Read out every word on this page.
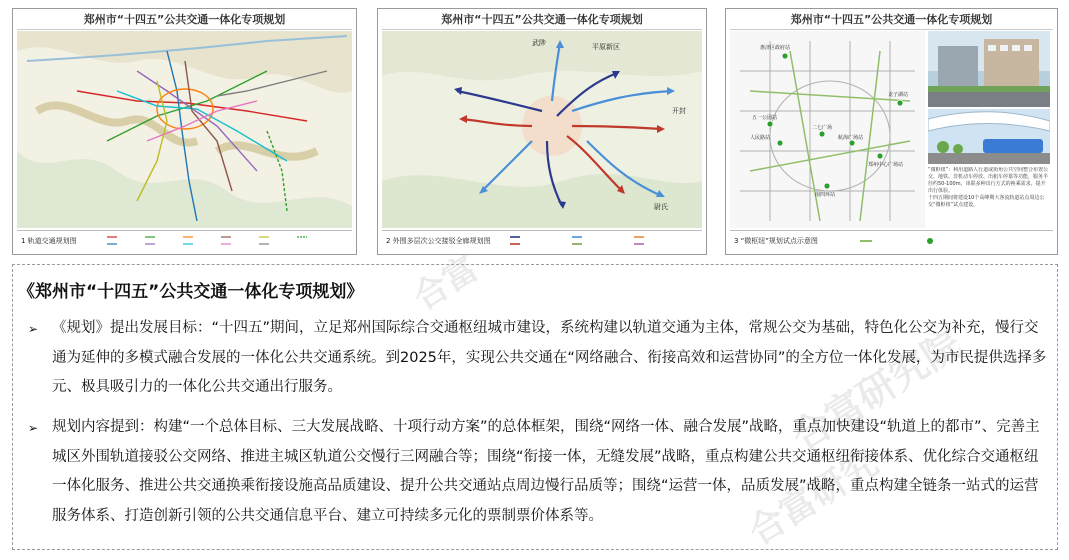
郑州市“十四五”公共交通一体化专项规划
1 轨道交通规划图
郑州市“十四五”公共交通一体化专项规划
武陟	平原新区
开封
尉氏
2 外围多层次公交接驳全廊规划图
郑州市“十四五”公共交通一体化专项规划
惠济区政府站
龙子湖站
五一公园站
二七广场
人民路站	航海广场站
郑州中心广场站
南四环站
“微枢纽”：利用道路人行道或街角公共空间整合布置公交、地铁、非机动车停放、出租车停靠等功能，服务半径约50-100m，串联多种出行方式的换乘需求，提升出行体验。
十四五期间将建设10个高峰期大客流轨道站点周边公交“微枢纽”试点建设。
3 “微枢纽”规划试点示意图
合富
合富研究院
合富研究
《郑州市“十四五”公共交通一体化专项规划》
➢ 《规划》提出发展目标：“十四五”期间，立足郑州国际综合交通枢纽城市建设，系统构建以轨道交通为主体，常规公交为基础，特色化公交为补充，慢行交通为延伸的多模式融合发展的一体化公共交通系统。到2025年，实现公共交通在“网络融合、衔接高效和运营协同”的全方位一体化发展，为市民提供选择多元、极具吸引力的一体化公共交通出行服务。
➢ 规划内容提到：构建“一个总体目标、三大发展战略、十项行动方案”的总体框架，围绕“网络一体、融合发展”战略，重点加快建设“轨道上的都市”、完善主城区外围轨道接驳公交网络、推进主城区轨道公交慢行三网融合等；围绕“衔接一体，无缝发展”战略，重点构建公共交通枢纽衔接体系、优化综合交通枢纽一体化服务、推进公共交通换乘衔接设施高品质建设、提升公共交通站点周边慢行品质等；围绕“运营一体，品质发展”战略，重点构建全链条一站式的运营服务体系、打造创新引领的公共交通信息平台、建立可持续多元化的票制票价体系等。
